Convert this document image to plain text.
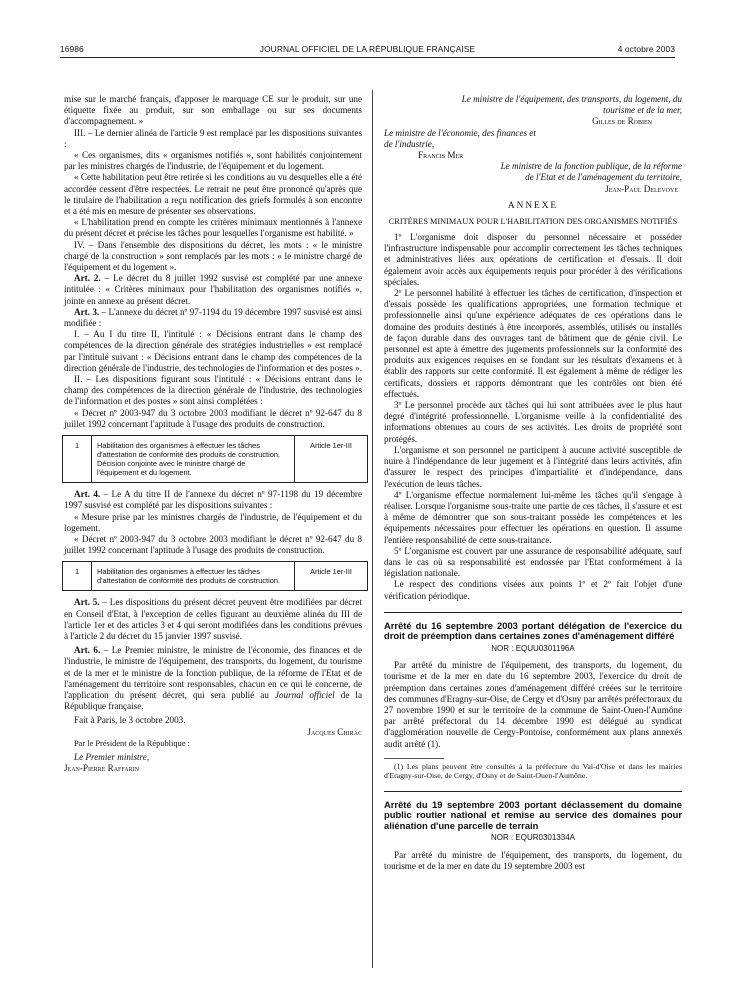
16986	JOURNAL OFFICIEL DE LA RÉPUBLIQUE FRANÇAISE	4 octobre 2003

mise sur le marché français, d'apposer le marquage CE sur le produit, sur une étiquette fixée au produit, sur son emballage ou sur ses documents d'accompagnement. »

III. – Le dernier alinéa de l'article 9 est remplacé par les dispositions suivantes :

« Ces organismes, dits « organismes notifiés », sont habilités conjointement par les ministres chargés de l'industrie, de l'équipement et du logement.

« Cette habilitation peut être retirée si les conditions au vu desquelles elle a été accordée cessent d'être respectées. Le retrait ne peut être prononcé qu'après que le titulaire de l'habilitation a reçu notification des griefs formulés à son encontre et a été mis en mesure de présenter ses observations.

« L'habilitation prend en compte les critères minimaux mentionnés à l'annexe du présent décret et précise les tâches pour lesquelles l'organisme est habilité. »

IV. – Dans l'ensemble des dispositions du décret, les mots : « le ministre chargé de la construction » sont remplacés par les mots : « le ministre chargé de l'équipement et du logement ».

Art. 2. – Le décret du 8 juillet 1992 susvisé est complété par une annexe intitulée : « Critères minimaux pour l'habilitation des organismes notifiés », jointe en annexe au présent décret.

Art. 3. – L'annexe du décret nº 97-1194 du 19 décembre 1997 susvisé est ainsi modifiée :

I. – Au I du titre II, l'intitulé : « Décisions entrant dans le champ des compétences de la direction générale des stratégies industrielles » est remplacé par l'intitulé suivant : « Décisions entrant dans le champ des compétences de la direction générale de l'industrie, des technologies de l'information et des postes ».

II. – Les dispositions figurant sous l'intitulé : « Décisions entrant dans le champ des compétences de la direction générale de l'industrie, des technologies de l'information et des postes » sont ainsi complétées :

« Décret nº 2003-947 du 3 octobre 2003 modifiant le décret nº 92-647 du 8 juillet 1992 concernant l'aptitude à l'usage des produits de construction.

1	Habilitation des organismes à effectuer les tâches d'attestation de conformité des produits de construction. Décision conjointe avec le ministre chargé de l'équipement et du logement.	Article 1er-III

Art. 4. – Le A du titre II de l'annexe du décret nº 97-1198 du 19 décembre 1997 susvisé est complété par les dispositions suivantes :

« Mesure prise par les ministres chargés de l'industrie, de l'équipement et du logement.

« Décret nº 2003-947 du 3 octobre 2003 modifiant le décret nº 92-647 du 8 juillet 1992 concernant l'aptitude à l'usage des produits de construction.

1	Habilitation des organismes à effectuer les tâches d'attestation de conformité des produits de construction.	Article 1er-III

Art. 5. – Les dispositions du présent décret peuvent être modifiées par décret en Conseil d'Etat, à l'exception de celles figurant au deuxième alinéa du III de l'article 1er et des articles 3 et 4 qui seront modifiées dans les conditions prévues à l'article 2 du décret du 15 janvier 1997 susvisé.

Art. 6. – Le Premier ministre, le ministre de l'économie, des finances et de l'industrie, le ministre de l'équipement, des transports, du logement, du tourisme et de la mer et le ministre de la fonction publique, de la réforme de l'Etat et de l'aménagement du territoire sont responsables, chacun en ce qui le concerne, de l'application du présent décret, qui sera publié au Journal officiel de la République française.

Fait à Paris, le 3 octobre 2003.

Jacques Chirac

Par le Président de la République :

Le Premier ministre,

Jean-Pierre Raffarin

Le ministre de l'équipement, des transports, du logement, du tourisme et de la mer,

Gilles de Robien

Le ministre de l'économie, des finances et de l'industrie,

Francis Mer

Le ministre de la fonction publique, de la réforme de l'Etat et de l'aménagement du territoire,

Jean-Paul Delevoye

ANNEXE

CRITÈRES MINIMAUX POUR L'HABILITATION DES ORGANISMES NOTIFIÉS

1º L'organisme doit disposer du personnel nécessaire et posséder l'infrastructure indispensable pour accomplir correctement les tâches techniques et administratives liées aux opérations de certification et d'essais. Il doit également avoir accès aux équipements requis pour procéder à des vérifications spéciales.

2º Le personnel habilité à effectuer les tâches de certification, d'inspection et d'essais possède les qualifications appropriées, une formation technique et professionnelle ainsi qu'une expérience adéquates de ces opérations dans le domaine des produits destinés à être incorporés, assemblés, utilisés ou installés de façon durable dans des ouvrages tant de bâtiment que de génie civil. Le personnel est apte à émettre des jugements professionnels sur la conformité des produits aux exigences requises en se fondant sur les résultats d'examens et à établir des rapports sur cette conformité. Il est également à même de rédiger les certificats, dossiers et rapports démontrant que les contrôles ont bien été effectués.

3º Le personnel procède aux tâches qui lui sont attribuées avec le plus haut degré d'intégrité professionnelle. L'organisme veille à la confidentialité des informations obtenues au cours de ses activités. Les droits de propriété sont protégés.

L'organisme et son personnel ne participent à aucune activité susceptible de nuire à l'indépendance de leur jugement et à l'intégrité dans leurs activités, afin d'assurer le respect des principes d'impartialité et d'indépendance, dans l'exécution de leurs tâches.

4º L'organisme effectue normalement lui-même les tâches qu'il s'engage à réaliser. Lorsque l'organisme sous-traite une partie de ces tâches, il s'assure et est à même de démontrer que son sous-traitant possède les compétences et les équipements nécessaires pour effectuer les opérations en question. Il assume l'entière responsabilité de cette sous-traitance.

5º L'organisme est couvert par une assurance de responsabilité adéquate, sauf dans le cas où sa responsabilité est endossée par l'Etat conformément à la législation nationale.

Le respect des conditions visées aux points 1º et 2º fait l'objet d'une vérification périodique.

Arrêté du 16 septembre 2003 portant délégation de l'exercice du droit de préemption dans certaines zones d'aménagement différé

NOR : EQUU0301196A

Par arrêté du ministre de l'équipement, des transports, du logement, du tourisme et de la mer en date du 16 septembre 2003, l'exercice du droit de préemption dans certaines zones d'aménagement différé créées sur le territoire des communes d'Eragny-sur-Oise, de Cergy et d'Osny par arrêtés préfectoraux du 27 novembre 1990 et sur le territoire de la commune de Saint-Ouen-l'Aumône par arrêté préfectoral du 14 décembre 1990 est délégué au syndicat d'agglomération nouvelle de Cergy-Pontoise, conformément aux plans annexés audit arrêté (1).

(1) Les plans peuvent être consultés à la préfecture du Val-d'Oise et dans les mairies d'Eragny-sur-Oise, de Cergy, d'Osny et de Saint-Ouen-l'Aumône.

Arrêté du 19 septembre 2003 portant déclassement du domaine public routier national et remise au service des domaines pour aliénation d'une parcelle de terrain

NOR : EQUR0301334A

Par arrêté du ministre de l'équipement, des transports, du logement, du tourisme et de la mer en date du 19 septembre 2003 est
